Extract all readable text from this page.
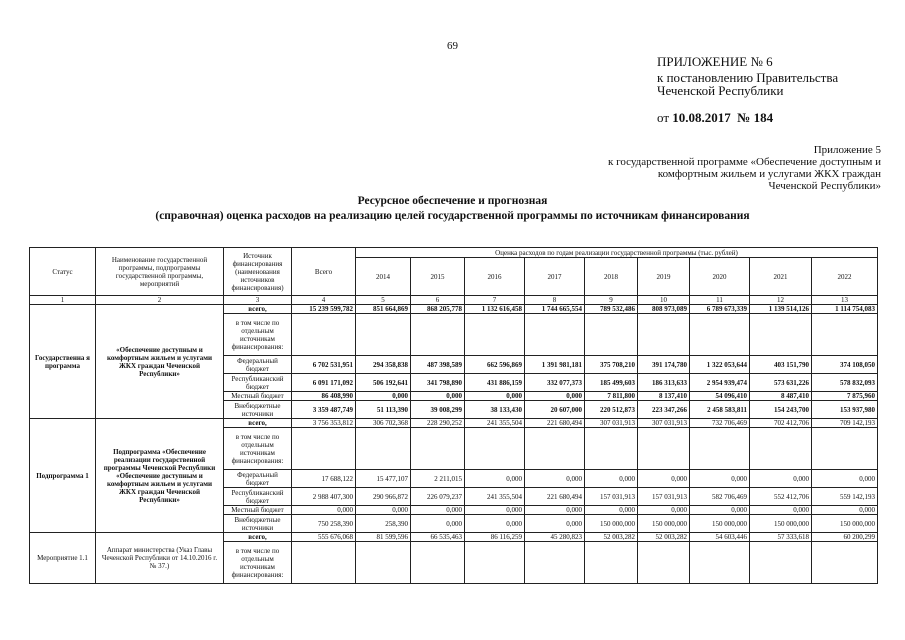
69
ПРИЛОЖЕНИЕ № 6
к постановлению Правительства
Чеченской Республики
от 10.08.2017 № 184
Приложение 5
к государственной программе «Обеспечение доступным и
комфортным жильем и услугами ЖКХ граждан
Чеченской Республики»
Ресурсное обеспечение и прогнозная
(справочная) оценка расходов на реализацию целей государственной программы по источникам финансирования
Статус	Наименование государственной программы, подпрограммы государственной программы, мероприятий	Источник финансирования (наименования источников финансирования)	Всего	Оценка расходов по годам реализации государственной программы (тыс. рублей)								
				2014	2015	2016	2017	2018	2019	2020	2021	2022
1	2	3	4	5	6	7	8	9	10	11	12	13
Государственна я программа	«Обеспечение доступным и комфортным жильем и услугами ЖКХ граждан Чеченской Республики»	всего,	15 239 599,782	851 664,869	868 205,778	1 132 616,458	1 744 665,554	789 532,486	808 973,089	6 789 673,339	1 139 514,126	1 114 754,083
		в том числе по отдельным источникам финансирования:										
		Федеральный бюджет	6 702 531,951	294 358,838	487 398,589	662 596,869	1 391 981,181	375 708,210	391 174,780	1 322 053,644	403 151,790	374 108,050
		Республиканский бюджет	6 091 171,092	506 192,641	341 798,890	431 886,159	332 077,373	185 499,603	186 313,633	2 954 939,474	573 631,226	578 832,093
		Местный бюджет	86 408,990	0,000	0,000	0,000	0,000	7 811,800	8 137,410	54 096,410	8 487,410	7 875,960
		Внебюджетные источники	3 359 487,749	51 113,390	39 008,299	38 133,430	20 607,000	220 512,873	223 347,266	2 458 583,811	154 243,700	153 937,980
Подпрограмма 1	Подпрограмма «Обеспечение реализации государственной программы Чеченской Республики «Обеспечение доступным и комфортным жильем и услугами ЖКХ граждан Чеченской Республики»	всего,	3 756 353,812	306 702,368	228 290,252	241 355,504	221 680,494	307 031,913	307 031,913	732 706,469	702 412,706	709 142,193
		в том числе по отдельным источникам финансирования:										
		Федеральный бюджет	17 688,122	15 477,107	2 211,015	0,000	0,000	0,000	0,000	0,000	0,000	0,000
		Республиканский бюджет	2 988 407,300	290 966,872	226 079,237	241 355,504	221 680,494	157 031,913	157 031,913	582 706,469	552 412,706	559 142,193
		Местный бюджет	0,000	0,000	0,000	0,000	0,000	0,000	0,000	0,000	0,000	0,000
		Внебюджетные источники	750 258,390	258,390	0,000	0,000	0,000	150 000,000	150 000,000	150 000,000	150 000,000	150 000,000
Мероприятие 1.1	Аппарат министерства (Указ Главы Чеченской Республики от 14.10.2016 г. № 37.)	всего,	555 676,068	81 599,596	66 535,463	86 116,259	45 280,823	52 003,282	52 003,282	54 603,446	57 333,618	60 200,299
		в том числе по отдельным источникам финансирования:										
